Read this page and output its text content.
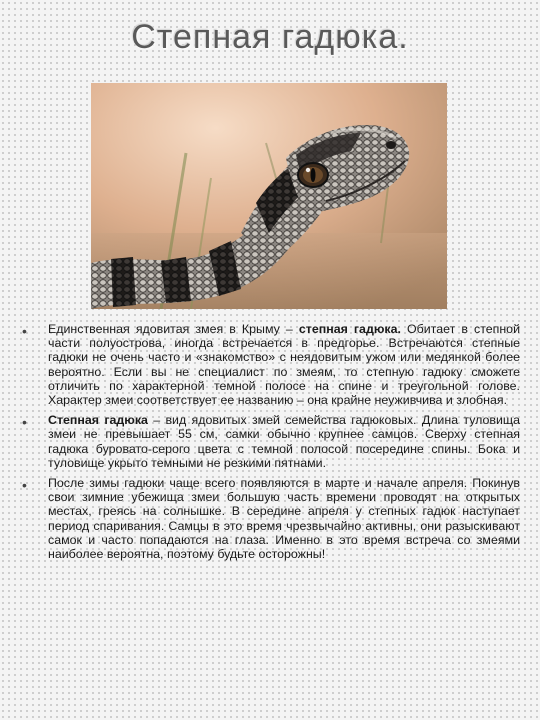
Степная гадюка.
• Единственная ядовитая змея в Крыму – степная гадюка. Обитает в степной части полуострова, иногда встречается в предгорье. Встречаются степные гадюки не очень часто и «знакомство» с неядовитым ужом или медянкой более вероятно. Если вы не специалист по змеям, то степную гадюку сможете отличить по характерной темной полосе на спине и треугольной голове. Характер змеи соответствует ее названию – она крайне неуживчива и злобная.
• Степная гадюка – вид ядовитых змей семейства гадюковых. Длина туловища змеи не превышает 55 см, самки обычно крупнее самцов. Сверху степная гадюка буровато-серого цвета с темной полосой посередине спины. Бока и туловище укрыто темными не резкими пятнами.
• После зимы гадюки чаще всего появляются в марте и начале апреля. Покинув свои зимние убежища змеи большую часть времени проводят на открытых местах, греясь на солнышке. В середине апреля у степных гадюк наступает период спаривания. Самцы в это время чрезвычайно активны, они разыскивают самок и часто попадаются на глаза. Именно в это время встреча со змеями наиболее вероятна, поэтому будьте осторожны!
